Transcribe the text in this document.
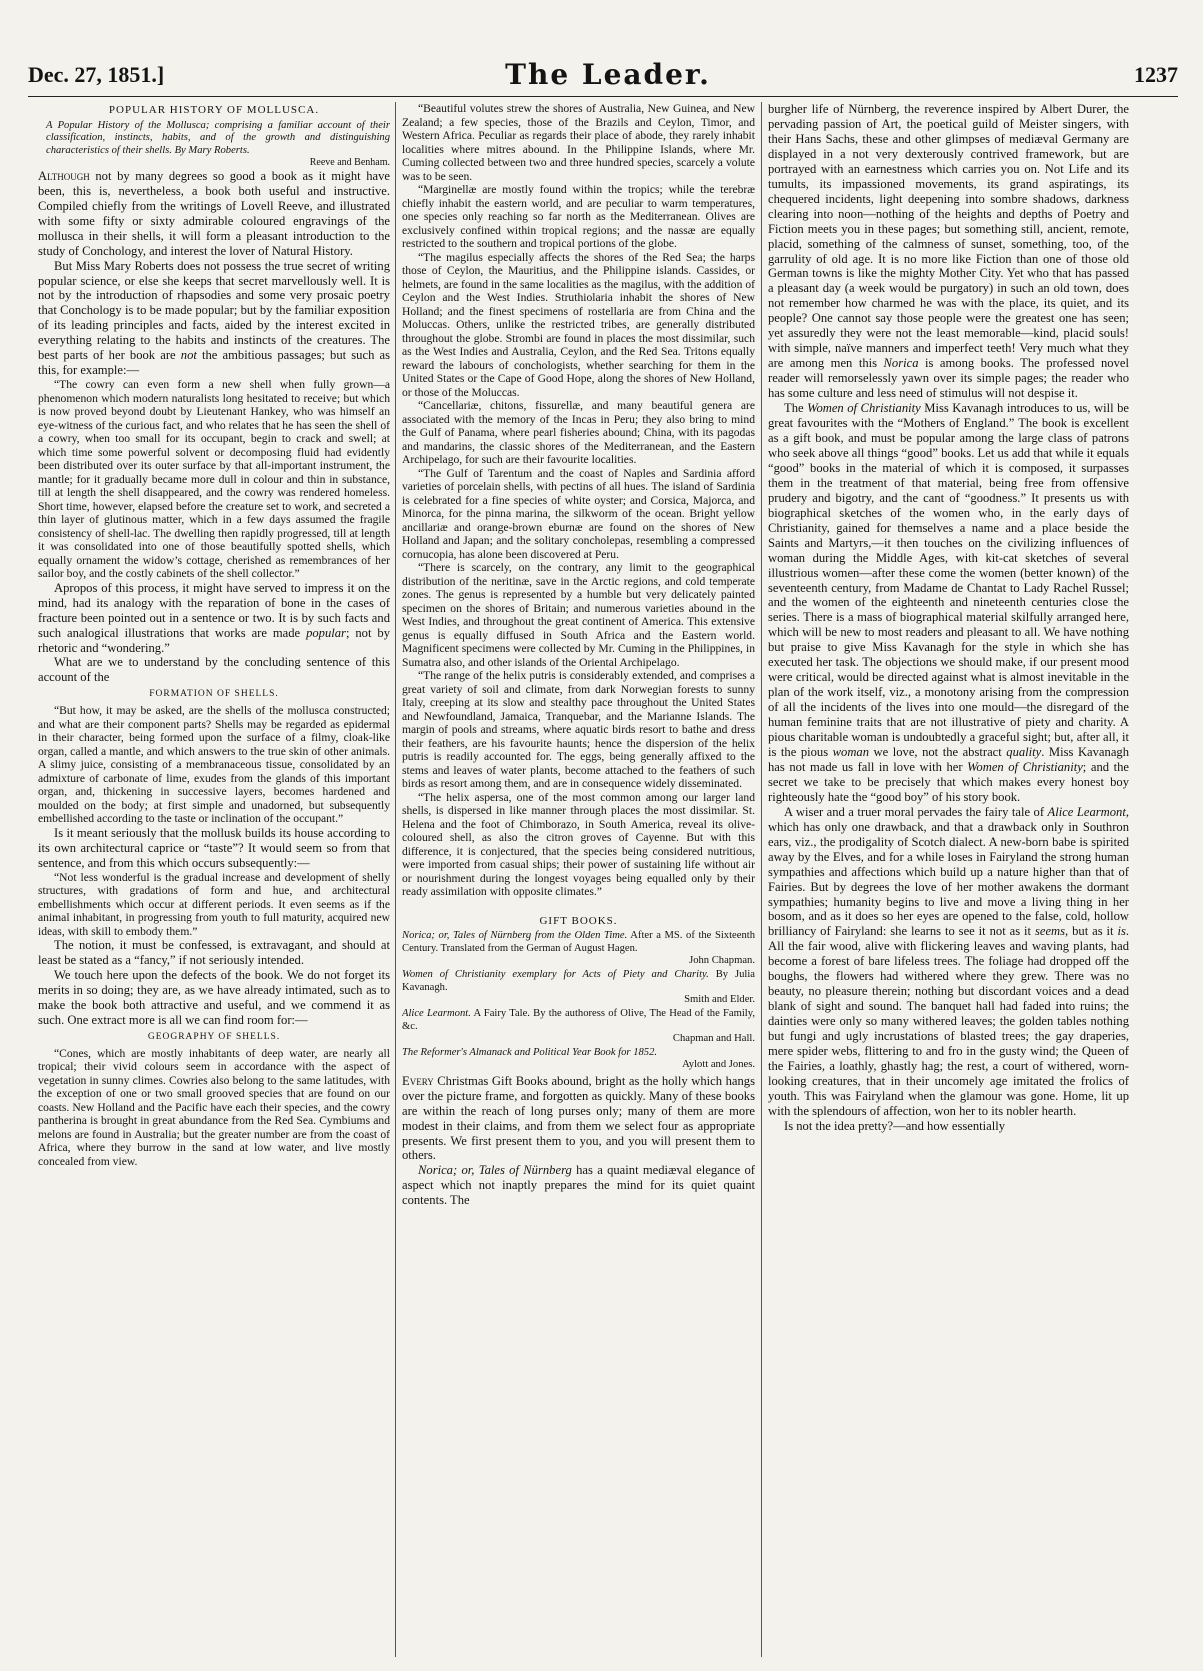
Dec. 27, 1851.]	The Leader.	1237
POPULAR HISTORY OF MOLLUSCA.

A Popular History of the Mollusca; comprising a familiar account of their classification, instincts, habits, and of the growth and distinguishing characteristics of their shells. By Mary Roberts.

Reeve and Benham.

Although not by many degrees so good a book as it might have been, this is, nevertheless, a book both useful and instructive. Compiled chiefly from the writings of Lovell Reeve, and illustrated with some fifty or sixty admirable coloured engravings of the mollusca in their shells, it will form a pleasant introduction to the study of Conchology, and interest the lover of Natural History.

But Miss Mary Roberts does not possess the true secret of writing popular science, or else she keeps that secret marvellously well. It is not by the introduction of rhapsodies and some very prosaic poetry that Conchology is to be made popular; but by the familiar exposition of its leading principles and facts, aided by the interest excited in everything relating to the habits and instincts of the creatures. The best parts of her book are not the ambitious passages; but such as this, for example:—

“The cowry can even form a new shell when fully grown—a phenomenon which modern naturalists long hesitated to receive; but which is now proved beyond doubt by Lieutenant Hankey, who was himself an eye-witness of the curious fact, and who relates that he has seen the shell of a cowry, when too small for its occupant, begin to crack and swell; at which time some powerful solvent or decomposing fluid had evidently been distributed over its outer surface by that all-important instrument, the mantle; for it gradually became more dull in colour and thin in substance, till at length the shell disappeared, and the cowry was rendered homeless. Short time, however, elapsed before the creature set to work, and secreted a thin layer of glutinous matter, which in a few days assumed the fragile consistency of shell-lac. The dwelling then rapidly progressed, till at length it was consolidated into one of those beautifully spotted shells, which equally ornament the widow’s cottage, cherished as remembrances of her sailor boy, and the costly cabinets of the shell collector.”

Apropos of this process, it might have served to impress it on the mind, had its analogy with the reparation of bone in the cases of fracture been pointed out in a sentence or two. It is by such facts and such analogical illustrations that works are made popular; not by rhetoric and “wondering.”

What are we to understand by the concluding sentence of this account of the

FORMATION OF SHELLS.

“But how, it may be asked, are the shells of the mollusca constructed; and what are their component parts? Shells may be regarded as epidermal in their character, being formed upon the surface of a filmy, cloak-like organ, called a mantle, and which answers to the true skin of other animals. A slimy juice, consisting of a membranaceous tissue, consolidated by an admixture of carbonate of lime, exudes from the glands of this important organ, and, thickening in successive layers, becomes hardened and moulded on the body; at first simple and unadorned, but subsequently embellished according to the taste or inclination of the occupant.”

Is it meant seriously that the mollusk builds its house according to its own architectural caprice or “taste”? It would seem so from that sentence, and from this which occurs subsequently:—

“Not less wonderful is the gradual increase and development of shelly structures, with gradations of form and hue, and architectural embellishments which occur at different periods. It even seems as if the animal inhabitant, in progressing from youth to full maturity, acquired new ideas, with skill to embody them.”

The notion, it must be confessed, is extravagant, and should at least be stated as a “fancy,” if not seriously intended.

We touch here upon the defects of the book. We do not forget its merits in so doing; they are, as we have already intimated, such as to make the book both attractive and useful, and we commend it as such. One extract more is all we can find room for:—

GEOGRAPHY OF SHELLS.

“Cones, which are mostly inhabitants of deep water, are nearly all tropical; their vivid colours seem in accordance with the aspect of vegetation in sunny climes. Cowries also belong to the same latitudes, with the exception of one or two small grooved species that are found on our coasts. New Holland and the Pacific have each their species, and the cowry pantherina is brought in great abundance from the Red Sea. Cymbiums and melons are found in Australia; but the greater number are from the coast of Africa, where they burrow in the sand at low water, and live mostly concealed from view.

“Beautiful volutes strew the shores of Australia, New Guinea, and New Zealand; a few species, those of the Brazils and Ceylon, Timor, and Western Africa. Peculiar as regards their place of abode, they rarely inhabit localities where mitres abound. In the Philippine Islands, where Mr. Cuming collected between two and three hundred species, scarcely a volute was to be seen.

“Marginellæ are mostly found within the tropics; while the terebræ chiefly inhabit the eastern world, and are peculiar to warm temperatures, one species only reaching so far north as the Mediterranean. Olives are exclusively confined within tropical regions; and the nassæ are equally restricted to the southern and tropical portions of the globe.

“The magilus especially affects the shores of the Red Sea; the harps those of Ceylon, the Mauritius, and the Philippine islands. Cassides, or helmets, are found in the same localities as the magilus, with the addition of Ceylon and the West Indies. Struthiolaria inhabit the shores of New Holland; and the finest specimens of rostellaria are from China and the Moluccas. Others, unlike the restricted tribes, are generally distributed throughout the globe. Strombi are found in places the most dissimilar, such as the West Indies and Australia, Ceylon, and the Red Sea. Tritons equally reward the labours of conchologists, whether searching for them in the United States or the Cape of Good Hope, along the shores of New Holland, or those of the Moluccas.

“Cancellariæ, chitons, fissurellæ, and many beautiful genera are associated with the memory of the Incas in Peru; they also bring to mind the Gulf of Panama, where pearl fisheries abound; China, with its pagodas and mandarins, the classic shores of the Mediterranean, and the Eastern Archipelago, for such are their favourite localities.

“The Gulf of Tarentum and the coast of Naples and Sardinia afford varieties of porcelain shells, with pectins of all hues. The island of Sardinia is celebrated for a fine species of white oyster; and Corsica, Majorca, and Minorca, for the pinna marina, the silkworm of the ocean. Bright yellow ancillariæ and orange-brown eburnæ are found on the shores of New Holland and Japan; and the solitary concholepas, resembling a compressed cornucopia, has alone been discovered at Peru.

“There is scarcely, on the contrary, any limit to the geographical distribution of the neritinæ, save in the Arctic regions, and cold temperate zones. The genus is represented by a humble but very delicately painted specimen on the shores of Britain; and numerous varieties abound in the West Indies, and throughout the great continent of America. This extensive genus is equally diffused in South Africa and the Eastern world. Magnificent specimens were collected by Mr. Cuming in the Philippines, in Sumatra also, and other islands of the Oriental Archipelago.

“The range of the helix putris is considerably extended, and comprises a great variety of soil and climate, from dark Norwegian forests to sunny Italy, creeping at its slow and stealthy pace throughout the United States and Newfoundland, Jamaica, Tranquebar, and the Marianne Islands. The margin of pools and streams, where aquatic birds resort to bathe and dress their feathers, are his favourite haunts; hence the dispersion of the helix putris is readily accounted for. The eggs, being generally affixed to the stems and leaves of water plants, become attached to the feathers of such birds as resort among them, and are in consequence widely disseminated.

“The helix aspersa, one of the most common among our larger land shells, is dispersed in like manner through places the most dissimilar. St. Helena and the foot of Chimborazo, in South America, reveal its olive-coloured shell, as also the citron groves of Cayenne. But with this difference, it is conjectured, that the species being considered nutritious, were imported from casual ships; their power of sustaining life without air or nourishment during the longest voyages being equalled only by their ready assimilation with opposite climates.”

GIFT BOOKS.
Norica; or, Tales of Nürnberg from the Olden Time. After a MS. of the Sixteenth Century. Translated from the German of August Hagen.
John Chapman.
Women of Christianity exemplary for Acts of Piety and Charity. By Julia Kavanagh.
Smith and Elder.
Alice Learmont. A Fairy Tale. By the authoress of Olive, The Head of the Family, &c.
Chapman and Hall.
The Reformer's Almanack and Political Year Book for 1852.
Aylott and Jones.

Every Christmas Gift Books abound, bright as the holly which hangs over the picture frame, and forgotten as quickly. Many of these books are within the reach of long purses only; many of them are more modest in their claims, and from them we select four as appropriate presents. We first present them to you, and you will present them to others.

Norica; or, Tales of Nürnberg has a quaint mediæval elegance of aspect which not inaptly prepares the mind for its quiet quaint contents. The

burgher life of Nürnberg, the reverence inspired by Albert Durer, the pervading passion of Art, the poetical guild of Meister singers, with their Hans Sachs, these and other glimpses of mediæval Germany are displayed in a not very dexterously contrived framework, but are portrayed with an earnestness which carries you on. Not Life and its tumults, its impassioned movements, its grand aspiratings, its chequered incidents, light deepening into sombre shadows, darkness clearing into noon—nothing of the heights and depths of Poetry and Fiction meets you in these pages; but something still, ancient, remote, placid, something of the calmness of sunset, something, too, of the garrulity of old age. It is no more like Fiction than one of those old German towns is like the mighty Mother City. Yet who that has passed a pleasant day (a week would be purgatory) in such an old town, does not remember how charmed he was with the place, its quiet, and its people? One cannot say those people were the greatest one has seen; yet assuredly they were not the least memorable—kind, placid souls! with simple, naïve manners and imperfect teeth! Very much what they are among men this Norica is among books. The professed novel reader will remorselessly yawn over its simple pages; the reader who has some culture and less need of stimulus will not despise it.

The Women of Christianity Miss Kavanagh introduces to us, will be great favourites with the “Mothers of England.” The book is excellent as a gift book, and must be popular among the large class of patrons who seek above all things “good” books. Let us add that while it equals “good” books in the material of which it is composed, it surpasses them in the treatment of that material, being free from offensive prudery and bigotry, and the cant of “goodness.” It presents us with biographical sketches of the women who, in the early days of Christianity, gained for themselves a name and a place beside the Saints and Martyrs,—it then touches on the civilizing influences of woman during the Middle Ages, with kit-cat sketches of several illustrious women—after these come the women (better known) of the seventeenth century, from Madame de Chantat to Lady Rachel Russel; and the women of the eighteenth and nineteenth centuries close the series. There is a mass of biographical material skilfully arranged here, which will be new to most readers and pleasant to all. We have nothing but praise to give Miss Kavanagh for the style in which she has executed her task. The objections we should make, if our present mood were critical, would be directed against what is almost inevitable in the plan of the work itself, viz., a monotony arising from the compression of all the incidents of the lives into one mould—the disregard of the human feminine traits that are not illustrative of piety and charity. A pious charitable woman is undoubtedly a graceful sight; but, after all, it is the pious woman we love, not the abstract quality. Miss Kavanagh has not made us fall in love with her Women of Christianity; and the secret we take to be precisely that which makes every honest boy righteously hate the “good boy” of his story book.

A wiser and a truer moral pervades the fairy tale of Alice Learmont, which has only one drawback, and that a drawback only in Southron ears, viz., the prodigality of Scotch dialect. A new-born babe is spirited away by the Elves, and for a while loses in Fairyland the strong human sympathies and affections which build up a nature higher than that of Fairies. But by degrees the love of her mother awakens the dormant sympathies; humanity begins to live and move a living thing in her bosom, and as it does so her eyes are opened to the false, cold, hollow brilliancy of Fairyland: she learns to see it not as it seems, but as it is. All the fair wood, alive with flickering leaves and waving plants, had become a forest of bare lifeless trees. The foliage had dropped off the boughs, the flowers had withered where they grew. There was no beauty, no pleasure therein; nothing but discordant voices and a dead blank of sight and sound. The banquet hall had faded into ruins; the dainties were only so many withered leaves; the golden tables nothing but fungi and ugly incrustations of blasted trees; the gay draperies, mere spider webs, flittering to and fro in the gusty wind; the Queen of the Fairies, a loathly, ghastly hag; the rest, a court of withered, worn-looking creatures, that in their uncomely age imitated the frolics of youth. This was Fairyland when the glamour was gone. Home, lit up with the splendours of affection, won her to its nobler hearth.

Is not the idea pretty?—and how essentially
